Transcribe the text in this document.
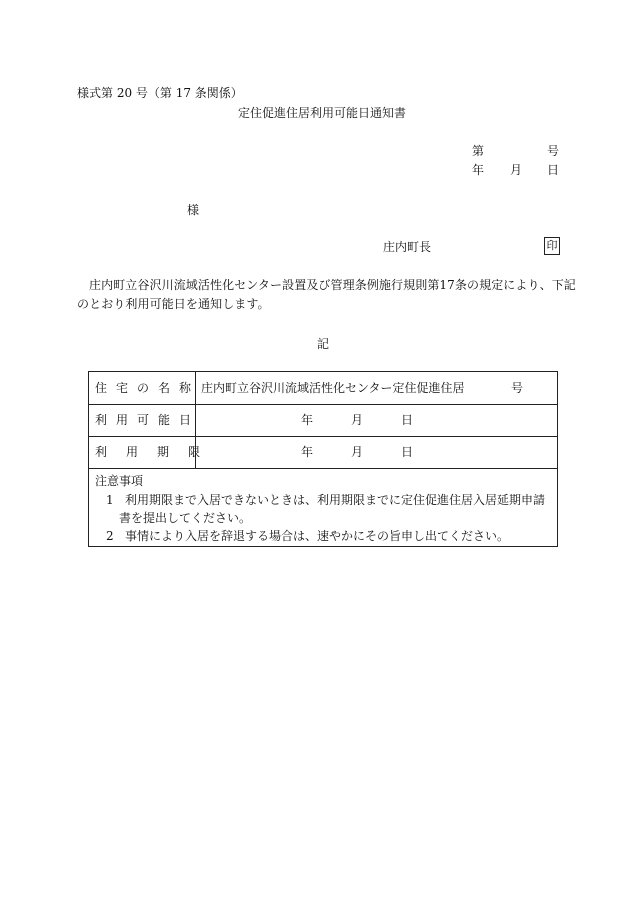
様式第 20 号（第 17 条関係）
定住促進住居利用可能日通知書
第	号
年 月 日
様
庄内町長	印
庄内町立谷沢川流域活性化センター設置及び管理条例施行規則第17条の規定により、下記のとおり利用可能日を通知します。
記
住宅の名称 庄内町立谷沢川流域活性化センター定住促進住居	号
利用可能日	年	月	日
利用期限	年	月	日
注意事項
1 利用期限まで入居できないときは、利用期限までに定住促進住居入居延期申請
書を提出してください。
2 事情により入居を辞退する場合は、速やかにその旨申し出てください。
